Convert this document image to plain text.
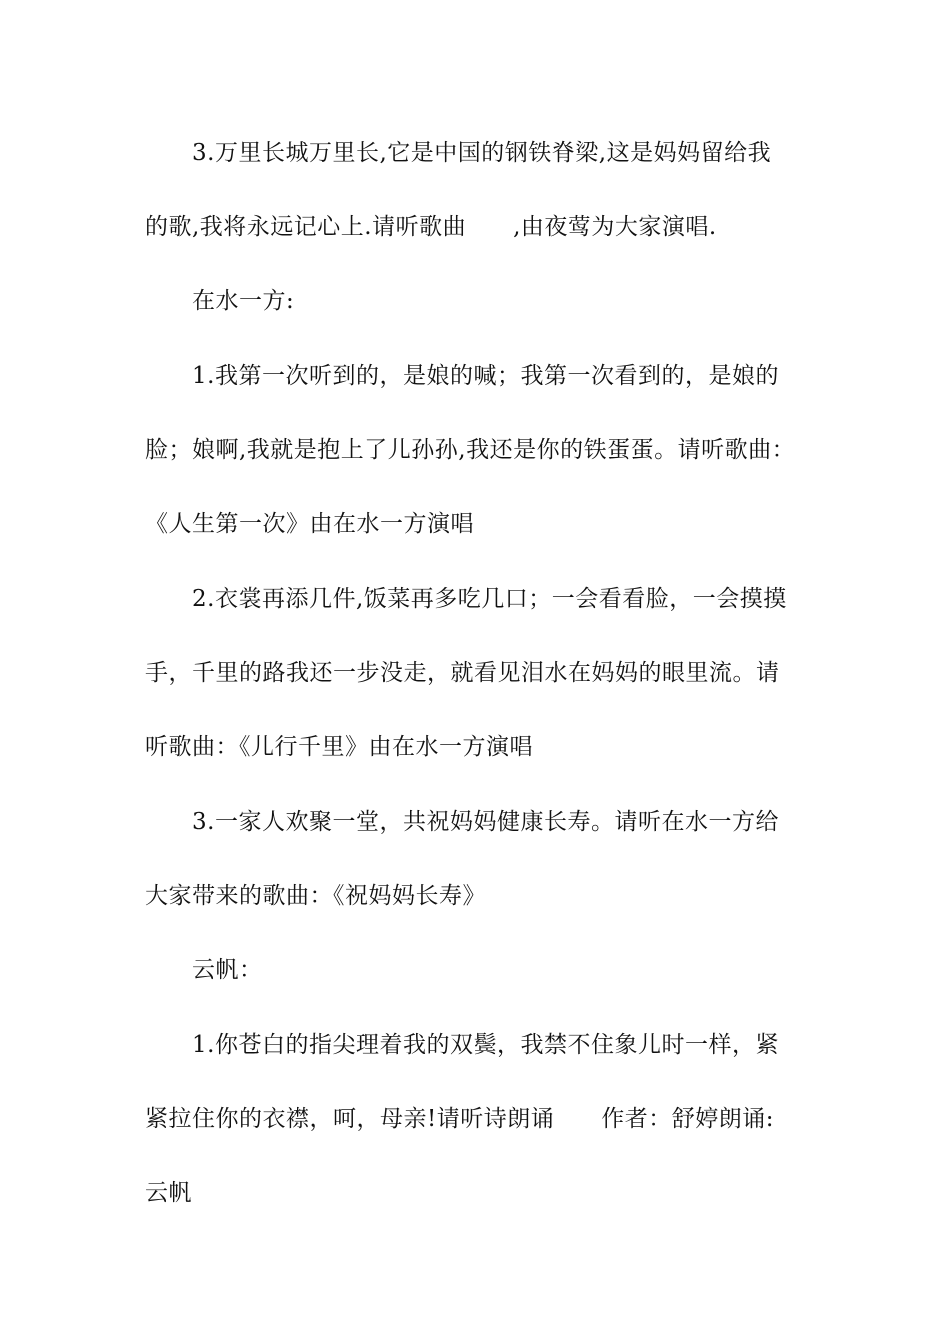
3.万里长城万里长,它是中国的钢铁脊梁,这是妈妈留给我
的歌,我将永远记心上.请听歌曲　　,由夜莺为大家演唱.
在水一方:
1.我第一次听到的，是娘的喊；我第一次看到的，是娘的
脸；娘啊,我就是抱上了儿孙孙,我还是你的铁蛋蛋。请听歌曲：
《人生第一次》由在水一方演唱
2.衣裳再添几件,饭菜再多吃几口；一会看看脸，一会摸摸
手，千里的路我还一步没走，就看见泪水在妈妈的眼里流。请
听歌曲：《儿行千里》由在水一方演唱
3.一家人欢聚一堂，共祝妈妈健康长寿。请听在水一方给
大家带来的歌曲：《祝妈妈长寿》
云帆：
1.你苍白的指尖理着我的双鬓，我禁不住象儿时一样，紧
紧拉住你的衣襟，呵，母亲!请听诗朗诵　　作者：舒婷朗诵:
云帆
